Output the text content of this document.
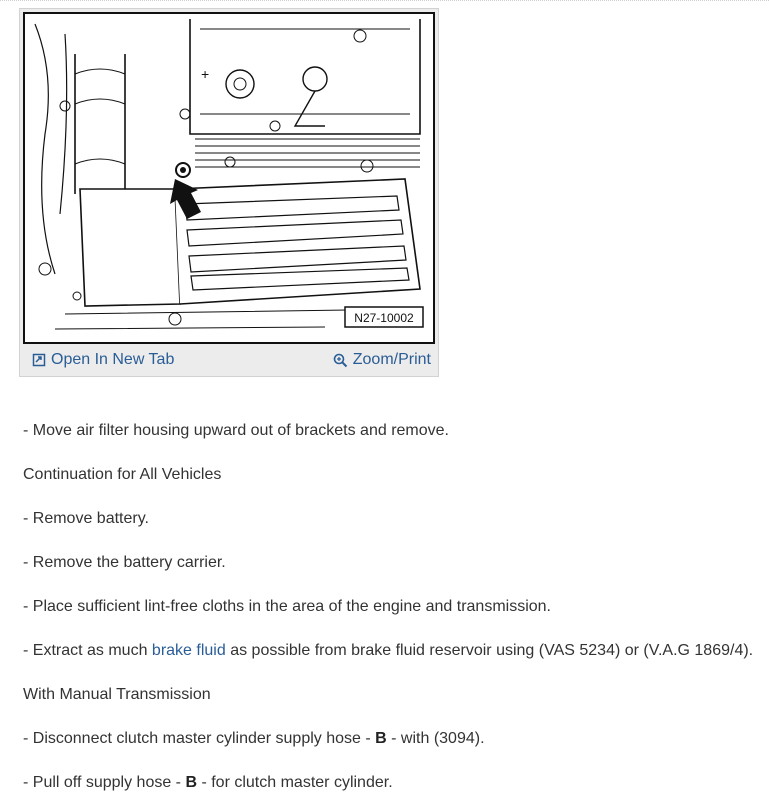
+
N27-10002
Open In New Tab	Zoom/Print
- Move air filter housing upward out of brackets and remove.
Continuation for All Vehicles
- Remove battery.
- Remove the battery carrier.
- Place sufficient lint-free cloths in the area of the engine and transmission.
- Extract as much brake fluid as possible from brake fluid reservoir using (VAS 5234) or (V.A.G 1869/4).
With Manual Transmission
- Disconnect clutch master cylinder supply hose - B - with (3094).
- Pull off supply hose - B - for clutch master cylinder.
